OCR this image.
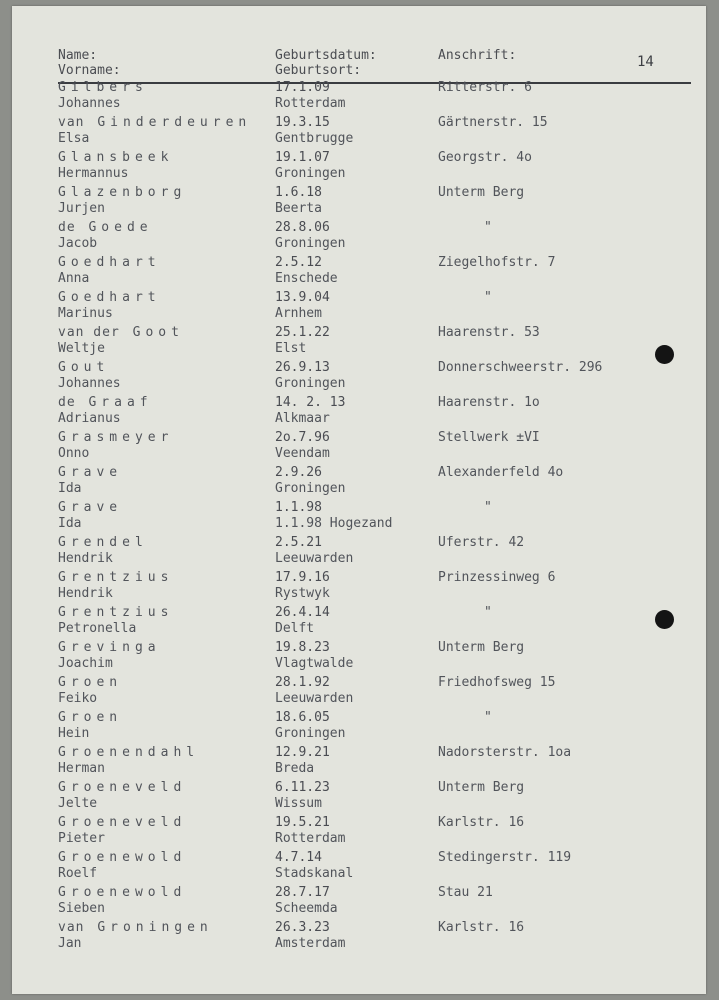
Name:
Vorname:
Geburtsdatum:
Geburtsort:
Anschrift:	14
Gilbers
Johannes
17.1.09
Rotterdam
Ritterstr. 6
van Ginderdeuren
Elsa
19.3.15
Gentbrugge
Gärtnerstr. 15
Glansbeek
Hermannus
19.1.07
Groningen
Georgstr. 4o
Glazenborg
Jurjen
1.6.18
Beerta
Unterm Berg
de Goede
Jacob
28.8.06
Groningen
"
Goedhart
Anna
2.5.12
Enschede
Ziegelhofstr. 7
Goedhart
Marinus
13.9.04
Arnhem
"
van der Goot
Weltje
25.1.22
Elst
Haarenstr. 53
Gout
Johannes
26.9.13
Groningen
Donnerschweerstr. 296
de Graaf
Adrianus
14. 2. 13
Alkmaar
Haarenstr. 1o
Grasmeyer
Onno
2o.7.96
Veendam
Stellwerk ±VI
Grave
Ida
2.9.26
Groningen
Alexanderfeld 4o
Grave
Ida
1.1.98
1.1.98 Hogezand
"
Grendel
Hendrik
2.5.21
Leeuwarden
Uferstr. 42
Grentzius
Hendrik
17.9.16
Rystwyk
Prinzessinweg 6
Grentzius
Petronella
26.4.14
Delft
"
Grevinga
Joachim
19.8.23
Vlagtwalde
Unterm Berg
Groen
Feiko
28.1.92
Leeuwarden
Friedhofsweg 15
Groen
Hein
18.6.05
Groningen
"
Groenendahl
Herman
12.9.21
Breda
Nadorsterstr. 1oa
Groeneveld
Jelte
6.11.23
Wissum
Unterm Berg
Groeneveld
Pieter
19.5.21
Rotterdam
Karlstr. 16
Groenewold
Roelf
4.7.14
Stadskanal
Stedingerstr. 119
Groenewold
Sieben
28.7.17
Scheemda
Stau 21
van Groningen
Jan
26.3.23
Amsterdam
Karlstr. 16
